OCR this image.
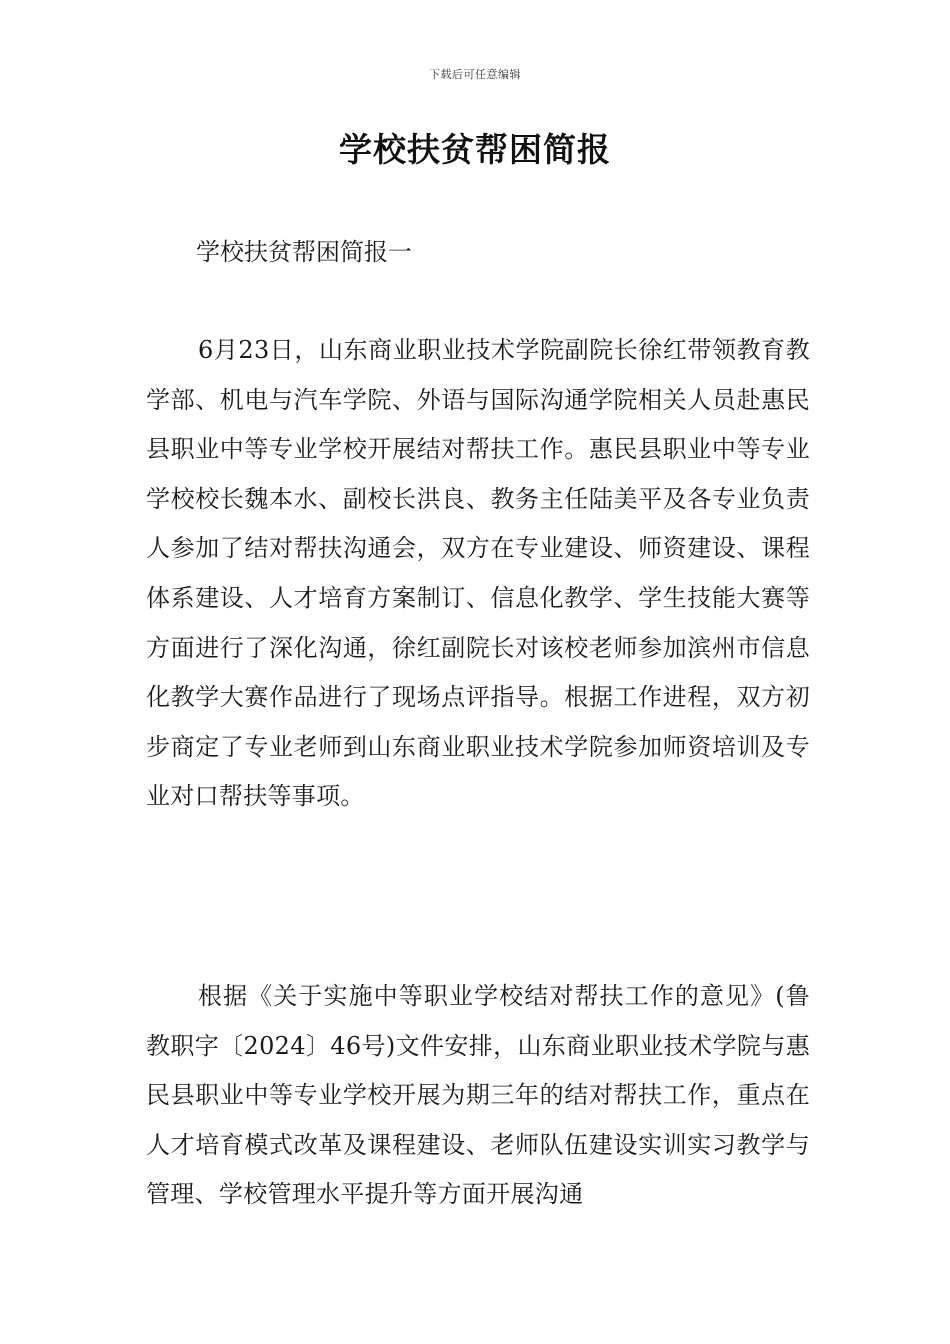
下载后可任意编辑
学校扶贫帮困简报

学校扶贫帮困简报一

6月23日，山东商业职业技术学院副院长徐红带领教育教学部、机电与汽车学院、外语与国际沟通学院相关人员赴惠民县职业中等专业学校开展结对帮扶工作。惠民县职业中等专业学校校长魏本水、副校长洪良、教务主任陆美平及各专业负责人参加了结对帮扶沟通会，双方在专业建设、师资建设、课程体系建设、人才培育方案制订、信息化教学、学生技能大赛等方面进行了深化沟通，徐红副院长对该校老师参加滨州市信息化教学大赛作品进行了现场点评指导。根据工作进程，双方初步商定了专业老师到山东商业职业技术学院参加师资培训及专业对口帮扶等事项。

根据《关于实施中等职业学校结对帮扶工作的意见》(鲁教职字〔2024〕46号)文件安排，山东商业职业技术学院与惠民县职业中等专业学校开展为期三年的结对帮扶工作，重点在人才培育模式改革及课程建设、老师队伍建设实训实习教学与管理、学校管理水平提升等方面开展沟通
